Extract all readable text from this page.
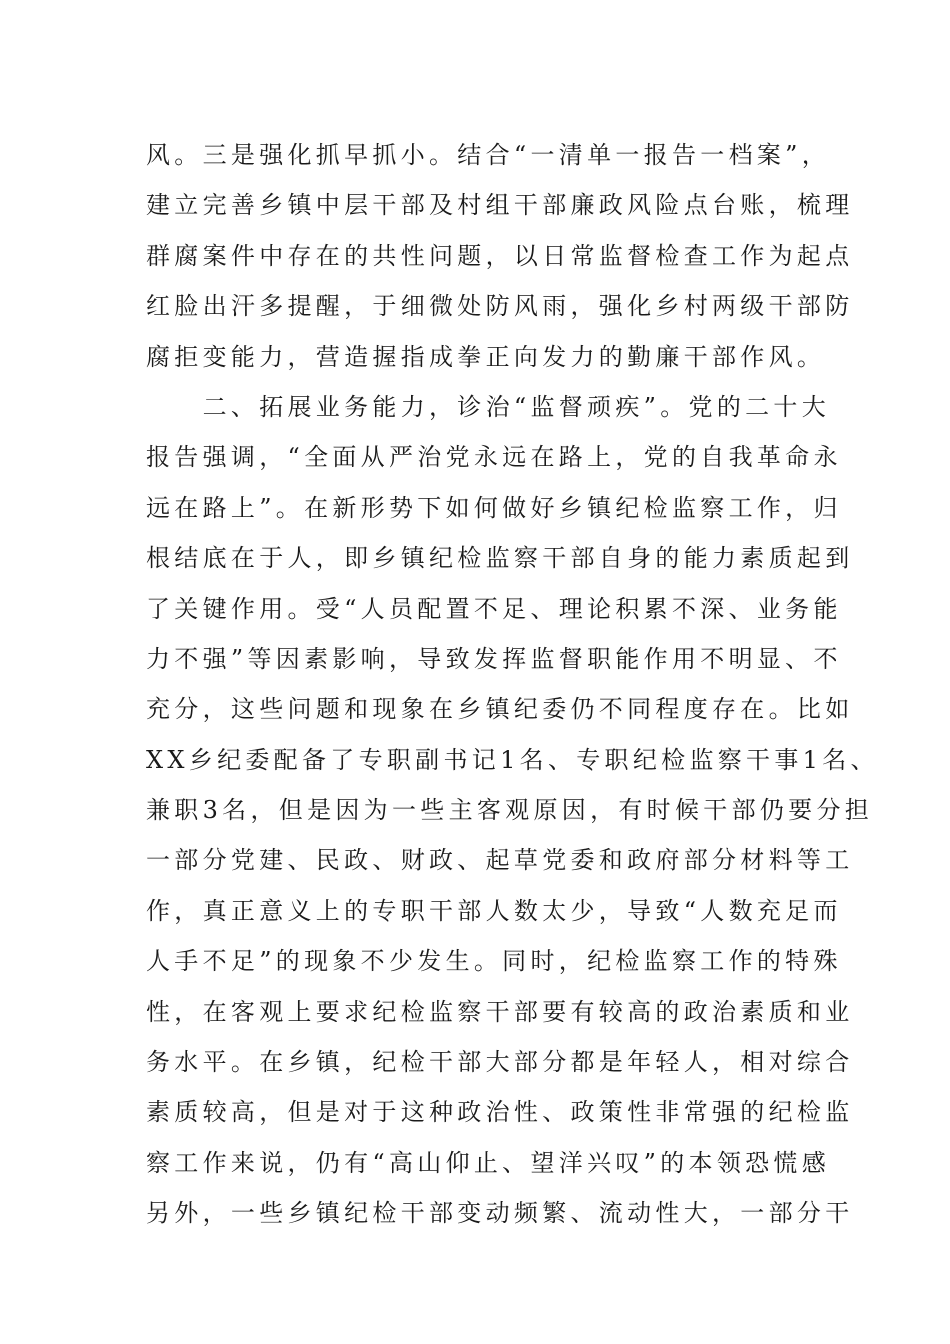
风。三是强化抓早抓小。结合“一清单一报告一档案”，
建立完善乡镇中层干部及村组干部廉政风险点台账，梳理
群腐案件中存在的共性问题，以日常监督检查工作为起点
红脸出汗多提醒，于细微处防风雨，强化乡村两级干部防
腐拒变能力，营造握指成拳正向发力的勤廉干部作风。
　　二、拓展业务能力，诊治“监督顽疾”。党的二十大
报告强调，“全面从严治党永远在路上，党的自我革命永
远在路上”。在新形势下如何做好乡镇纪检监察工作，归
根结底在于人，即乡镇纪检监察干部自身的能力素质起到
了关键作用。受“人员配置不足、理论积累不深、业务能
力不强”等因素影响，导致发挥监督职能作用不明显、不
充分，这些问题和现象在乡镇纪委仍不同程度存在。比如
XX乡纪委配备了专职副书记1名、专职纪检监察干事1名、
兼职3名，但是因为一些主客观原因，有时候干部仍要分担
一部分党建、民政、财政、起草党委和政府部分材料等工
作，真正意义上的专职干部人数太少，导致“人数充足而
人手不足”的现象不少发生。同时，纪检监察工作的特殊
性，在客观上要求纪检监察干部要有较高的政治素质和业
务水平。在乡镇，纪检干部大部分都是年轻人，相对综合
素质较高，但是对于这种政治性、政策性非常强的纪检监
察工作来说，仍有“高山仰止、望洋兴叹”的本领恐慌感
另外，一些乡镇纪检干部变动频繁、流动性大，一部分干
